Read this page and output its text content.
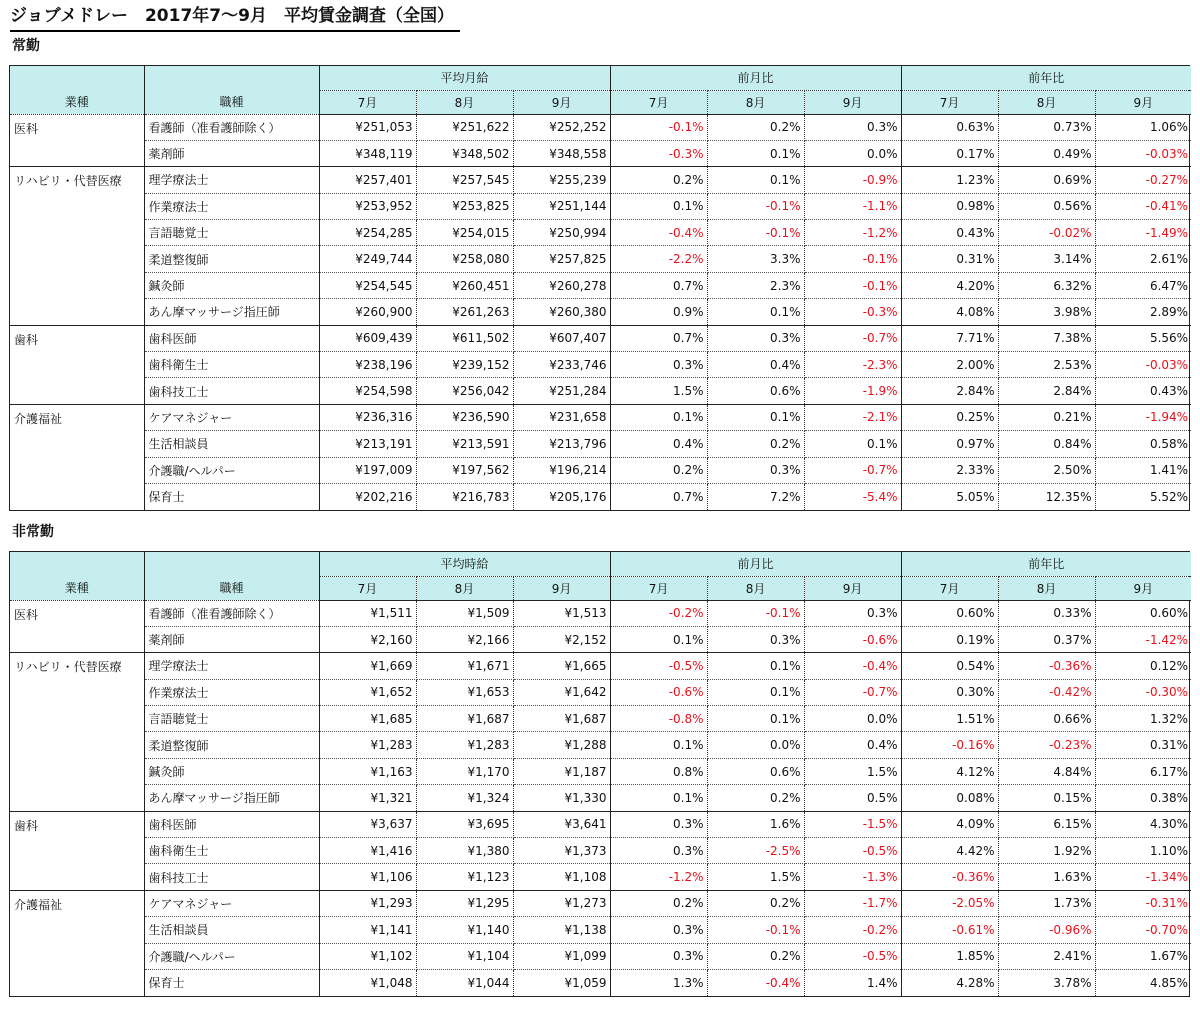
ジョブメドレー　2017年7〜9月　平均賃金調査（全国）
常勤
業種	職種	平均月給			前月比			前年比		
		7月	8月	9月	7月	8月	9月	7月	8月	9月
医科	看護師（准看護師除く）	¥251,053	¥251,622	¥252,252	-0.1%	0.2%	0.3%	0.63%	0.73%	1.06%
	薬剤師	¥348,119	¥348,502	¥348,558	-0.3%	0.1%	0.0%	0.17%	0.49%	-0.03%
リハビリ・代替医療	理学療法士	¥257,401	¥257,545	¥255,239	0.2%	0.1%	-0.9%	1.23%	0.69%	-0.27%
	作業療法士	¥253,952	¥253,825	¥251,144	0.1%	-0.1%	-1.1%	0.98%	0.56%	-0.41%
	言語聴覚士	¥254,285	¥254,015	¥250,994	-0.4%	-0.1%	-1.2%	0.43%	-0.02%	-1.49%
	柔道整復師	¥249,744	¥258,080	¥257,825	-2.2%	3.3%	-0.1%	0.31%	3.14%	2.61%
	鍼灸師	¥254,545	¥260,451	¥260,278	0.7%	2.3%	-0.1%	4.20%	6.32%	6.47%
	あん摩マッサージ指圧師	¥260,900	¥261,263	¥260,380	0.9%	0.1%	-0.3%	4.08%	3.98%	2.89%
歯科	歯科医師	¥609,439	¥611,502	¥607,407	0.7%	0.3%	-0.7%	7.71%	7.38%	5.56%
	歯科衛生士	¥238,196	¥239,152	¥233,746	0.3%	0.4%	-2.3%	2.00%	2.53%	-0.03%
	歯科技工士	¥254,598	¥256,042	¥251,284	1.5%	0.6%	-1.9%	2.84%	2.84%	0.43%
介護福祉	ケアマネジャー	¥236,316	¥236,590	¥231,658	0.1%	0.1%	-2.1%	0.25%	0.21%	-1.94%
	生活相談員	¥213,191	¥213,591	¥213,796	0.4%	0.2%	0.1%	0.97%	0.84%	0.58%
	介護職/ヘルパー	¥197,009	¥197,562	¥196,214	0.2%	0.3%	-0.7%	2.33%	2.50%	1.41%
	保育士	¥202,216	¥216,783	¥205,176	0.7%	7.2%	-5.4%	5.05%	12.35%	5.52%
非常勤
業種	職種	平均時給			前月比			前年比		
		7月	8月	9月	7月	8月	9月	7月	8月	9月
医科	看護師（准看護師除く）	¥1,511	¥1,509	¥1,513	-0.2%	-0.1%	0.3%	0.60%	0.33%	0.60%
	薬剤師	¥2,160	¥2,166	¥2,152	0.1%	0.3%	-0.6%	0.19%	0.37%	-1.42%
リハビリ・代替医療	理学療法士	¥1,669	¥1,671	¥1,665	-0.5%	0.1%	-0.4%	0.54%	-0.36%	0.12%
	作業療法士	¥1,652	¥1,653	¥1,642	-0.6%	0.1%	-0.7%	0.30%	-0.42%	-0.30%
	言語聴覚士	¥1,685	¥1,687	¥1,687	-0.8%	0.1%	0.0%	1.51%	0.66%	1.32%
	柔道整復師	¥1,283	¥1,283	¥1,288	0.1%	0.0%	0.4%	-0.16%	-0.23%	0.31%
	鍼灸師	¥1,163	¥1,170	¥1,187	0.8%	0.6%	1.5%	4.12%	4.84%	6.17%
	あん摩マッサージ指圧師	¥1,321	¥1,324	¥1,330	0.1%	0.2%	0.5%	0.08%	0.15%	0.38%
歯科	歯科医師	¥3,637	¥3,695	¥3,641	0.3%	1.6%	-1.5%	4.09%	6.15%	4.30%
	歯科衛生士	¥1,416	¥1,380	¥1,373	0.3%	-2.5%	-0.5%	4.42%	1.92%	1.10%
	歯科技工士	¥1,106	¥1,123	¥1,108	-1.2%	1.5%	-1.3%	-0.36%	1.63%	-1.34%
介護福祉	ケアマネジャー	¥1,293	¥1,295	¥1,273	0.2%	0.2%	-1.7%	-2.05%	1.73%	-0.31%
	生活相談員	¥1,141	¥1,140	¥1,138	0.3%	-0.1%	-0.2%	-0.61%	-0.96%	-0.70%
	介護職/ヘルパー	¥1,102	¥1,104	¥1,099	0.3%	0.2%	-0.5%	1.85%	2.41%	1.67%
	保育士	¥1,048	¥1,044	¥1,059	1.3%	-0.4%	1.4%	4.28%	3.78%	4.85%
